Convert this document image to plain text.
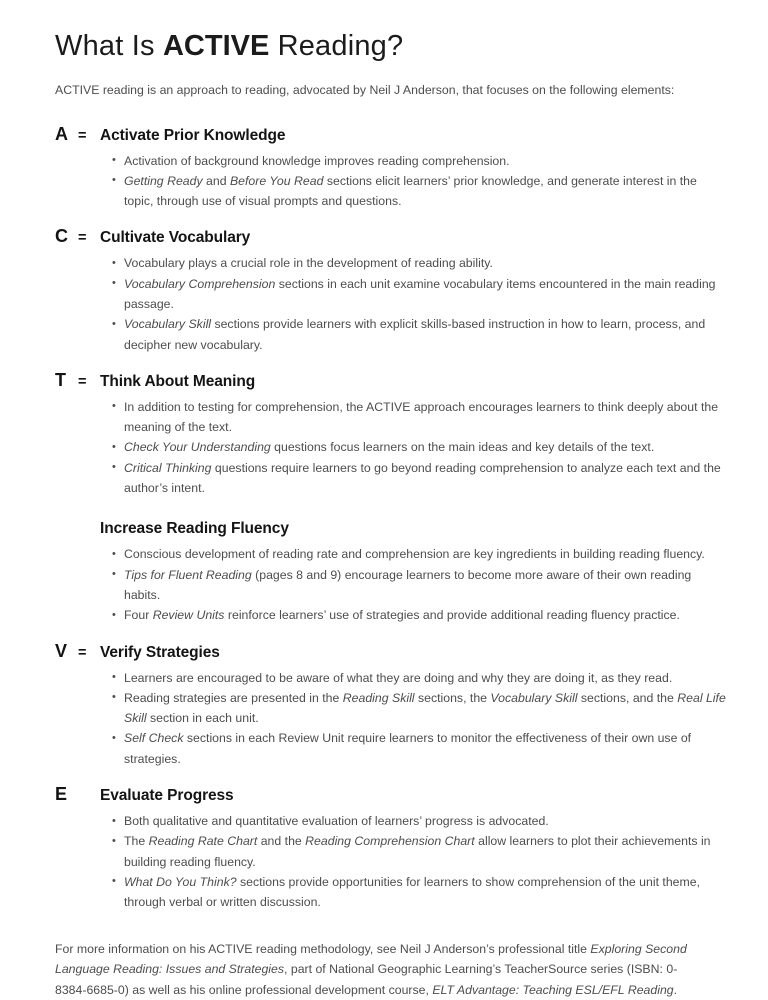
What Is ACTIVE Reading?

ACTIVE reading is an approach to reading, advocated by Neil J Anderson, that focuses on the following elements:

A = Activate Prior Knowledge
• Activation of background knowledge improves reading comprehension.
• Getting Ready and Before You Read sections elicit learners’ prior knowledge, and generate interest in the topic, through use of visual prompts and questions.
C = Cultivate Vocabulary
• Vocabulary plays a crucial role in the development of reading ability.
• Vocabulary Comprehension sections in each unit examine vocabulary items encountered in the main reading passage.
• Vocabulary Skill sections provide learners with explicit skills-based instruction in how to learn, process, and decipher new vocabulary.
T = Think About Meaning
• In addition to testing for comprehension, the ACTIVE approach encourages learners to think deeply about the meaning of the text.
• Check Your Understanding questions focus learners on the main ideas and key details of the text.
• Critical Thinking questions require learners to go beyond reading comprehension to analyze each text and the author’s intent.
Increase Reading Fluency
• Conscious development of reading rate and comprehension are key ingredients in building reading fluency.
• Tips for Fluent Reading (pages 8 and 9) encourage learners to become more aware of their own reading habits.
• Four Review Units reinforce learners’ use of strategies and provide additional reading fluency practice.
V = Verify Strategies
• Learners are encouraged to be aware of what they are doing and why they are doing it, as they read.
• Reading strategies are presented in the Reading Skill sections, the Vocabulary Skill sections, and the Real Life Skill section in each unit.
• Self Check sections in each Review Unit require learners to monitor the effectiveness of their own use of strategies.
E	Evaluate Progress
• Both qualitative and quantitative evaluation of learners’ progress is advocated.
• The Reading Rate Chart and the Reading Comprehension Chart allow learners to plot their achievements in building reading fluency.
• What Do You Think? sections provide opportunities for learners to show comprehension of the unit theme, through verbal or written discussion.

For more information on his ACTIVE reading methodology, see Neil J Anderson’s professional title Exploring Second Language Reading: Issues and Strategies, part of National Geographic Learning’s TeacherSource series (ISBN: 0-8384-6685-0) as well as his online professional development course, ELT Advantage: Teaching ESL/EFL Reading.
